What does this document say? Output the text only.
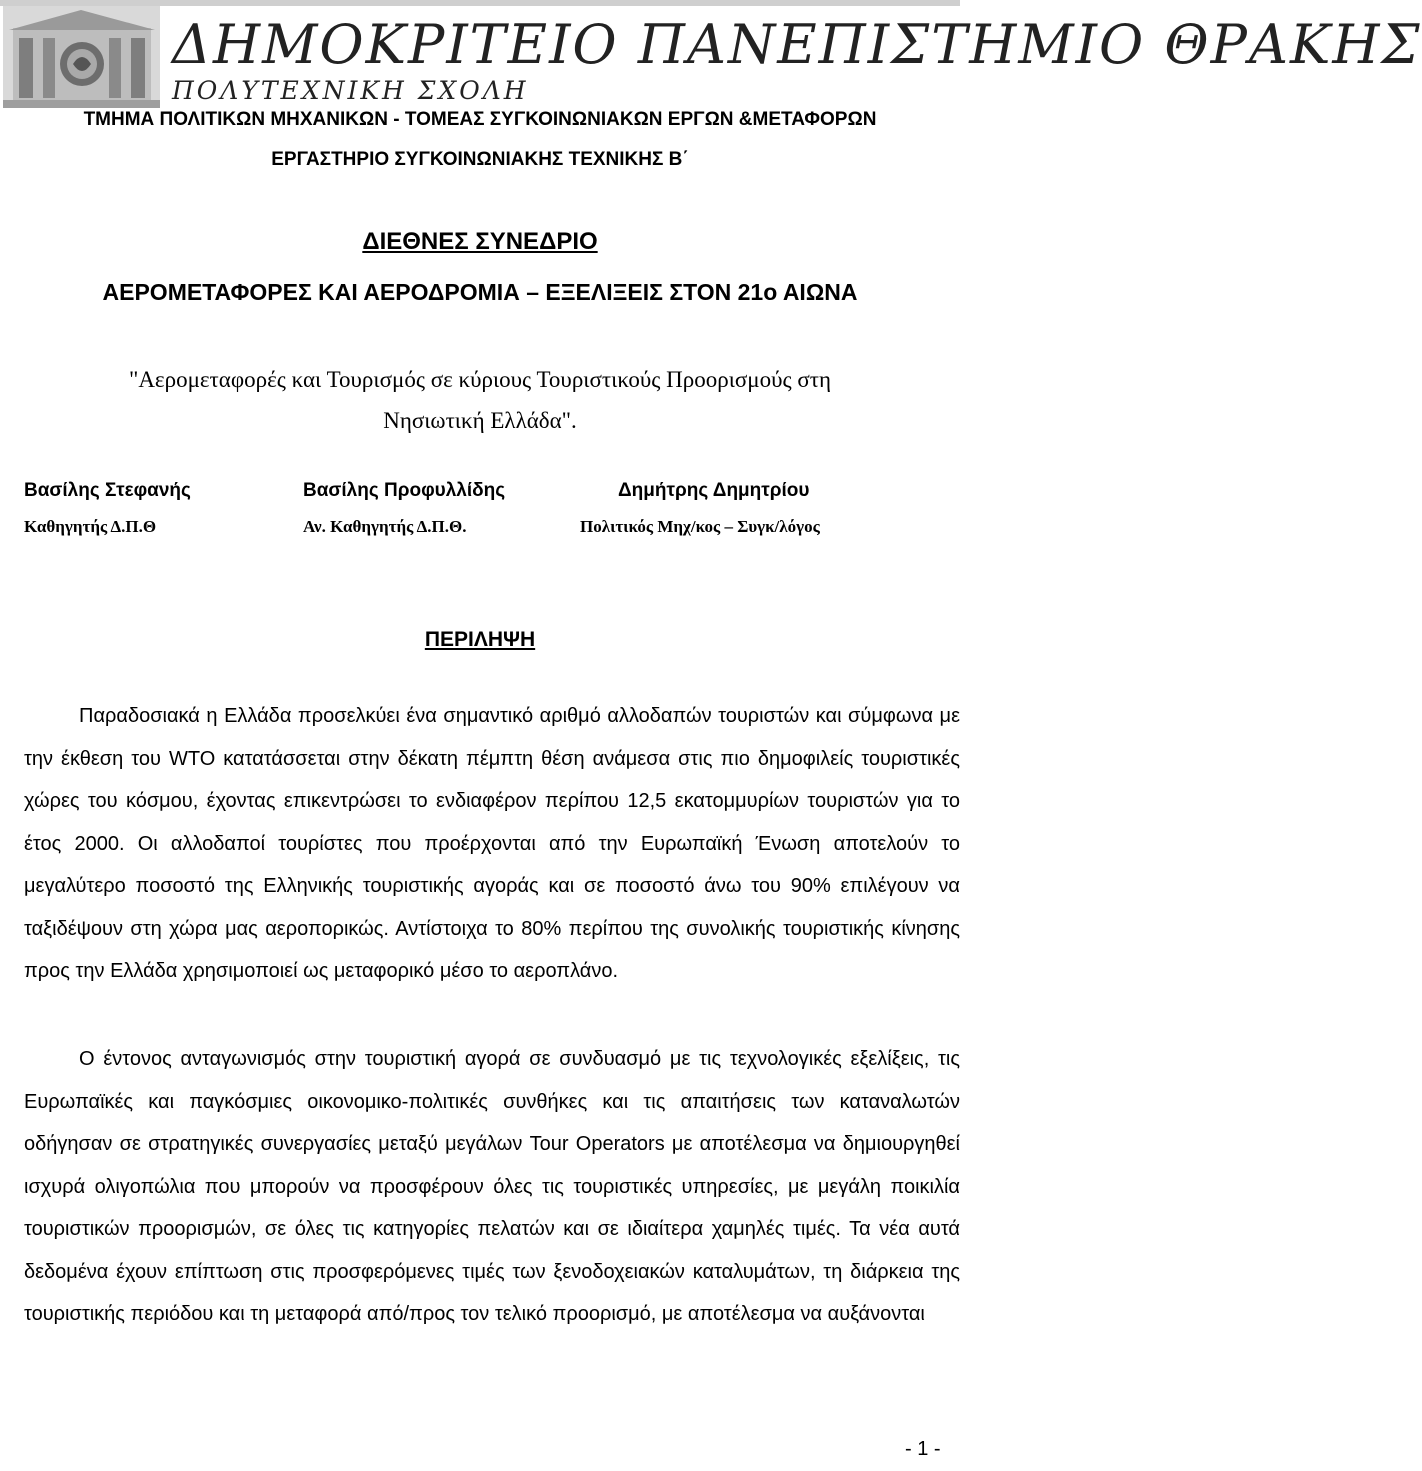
ΔΗΜΟΚΡΙΤΕΙΟ ΠΑΝΕΠΙΣΤΗΜΙΟ ΘΡΑΚΗΣ
ΠΟΛΥΤΕΧΝΙΚΗ ΣΧΟΛΗ
ΤΜΗΜΑ ΠΟΛΙΤΙΚΩΝ ΜΗΧΑΝΙΚΩΝ - ΤΟΜΕΑΣ ΣΥΓΚΟΙΝΩΝΙΑΚΩΝ ΕΡΓΩΝ &ΜΕΤΑΦΟΡΩΝ
ΕΡΓΑΣΤΗΡΙΟ ΣΥΓΚΟΙΝΩΝΙΑΚΗΣ ΤΕΧΝΙΚΗΣ Β΄
ΔΙΕΘΝΕΣ ΣΥΝΕΔΡΙΟ
ΑΕΡΟΜΕΤΑΦΟΡΕΣ ΚΑΙ ΑΕΡΟΔΡΟΜΙΑ – ΕΞΕΛΙΞΕΙΣ ΣΤΟΝ 21ο ΑΙΩΝΑ
"Αερομεταφορές και Τουρισμός σε κύριους Τουριστικούς Προορισμούς στη
Νησιωτική Ελλάδα".
Βασίλης Στεφανής	Βασίλης Προφυλλίδης	Δημήτρης Δημητρίου
Καθηγητής Δ.Π.Θ	Αν. Καθηγητής Δ.Π.Θ.	Πολιτικός Μηχ/κος – Συγκ/λόγος
ΠΕΡΙΛΗΨΗ

Παραδοσιακά η Ελλάδα προσελκύει ένα σημαντικό αριθμό αλλοδαπών τουριστών και σύμφωνα με την έκθεση του WTO κατατάσσεται στην δέκατη πέμπτη θέση ανάμεσα στις πιο δημοφιλείς τουριστικές χώρες του κόσμου, έχοντας επικεντρώσει το ενδιαφέρον περίπου 12,5 εκατομμυρίων τουριστών για το έτος 2000. Οι αλλοδαποί τουρίστες που προέρχονται από την Ευρωπαϊκή Ένωση αποτελούν το μεγαλύτερο ποσοστό της Ελληνικής τουριστικής αγοράς και σε ποσοστό άνω του 90% επιλέγουν να ταξιδέψουν στη χώρα μας αεροπορικώς. Αντίστοιχα το 80% περίπου της συνολικής τουριστικής κίνησης προς την Ελλάδα χρησιμοποιεί ως μεταφορικό μέσο το αεροπλάνο.

Ο έντονος ανταγωνισμός στην τουριστική αγορά σε συνδυασμό με τις τεχνολογικές εξελίξεις, τις Ευρωπαϊκές και παγκόσμιες οικονομικο-πολιτικές συνθήκες και τις απαιτήσεις των καταναλωτών οδήγησαν σε στρατηγικές συνεργασίες μεταξύ μεγάλων Tour Operators με αποτέλεσμα να δημιουργηθεί ισχυρά ολιγοπώλια που μπορούν να προσφέρουν όλες τις τουριστικές υπηρεσίες, με μεγάλη ποικιλία τουριστικών προορισμών, σε όλες τις κατηγορίες πελατών και σε ιδιαίτερα χαμηλές τιμές. Τα νέα αυτά δεδομένα έχουν επίπτωση στις προσφερόμενες τιμές των ξενοδοχειακών καταλυμάτων, τη διάρκεια της τουριστικής περιόδου και τη μεταφορά από/προς τον τελικό προορισμό, με αποτέλεσμα να αυξάνονται

- 1 -
